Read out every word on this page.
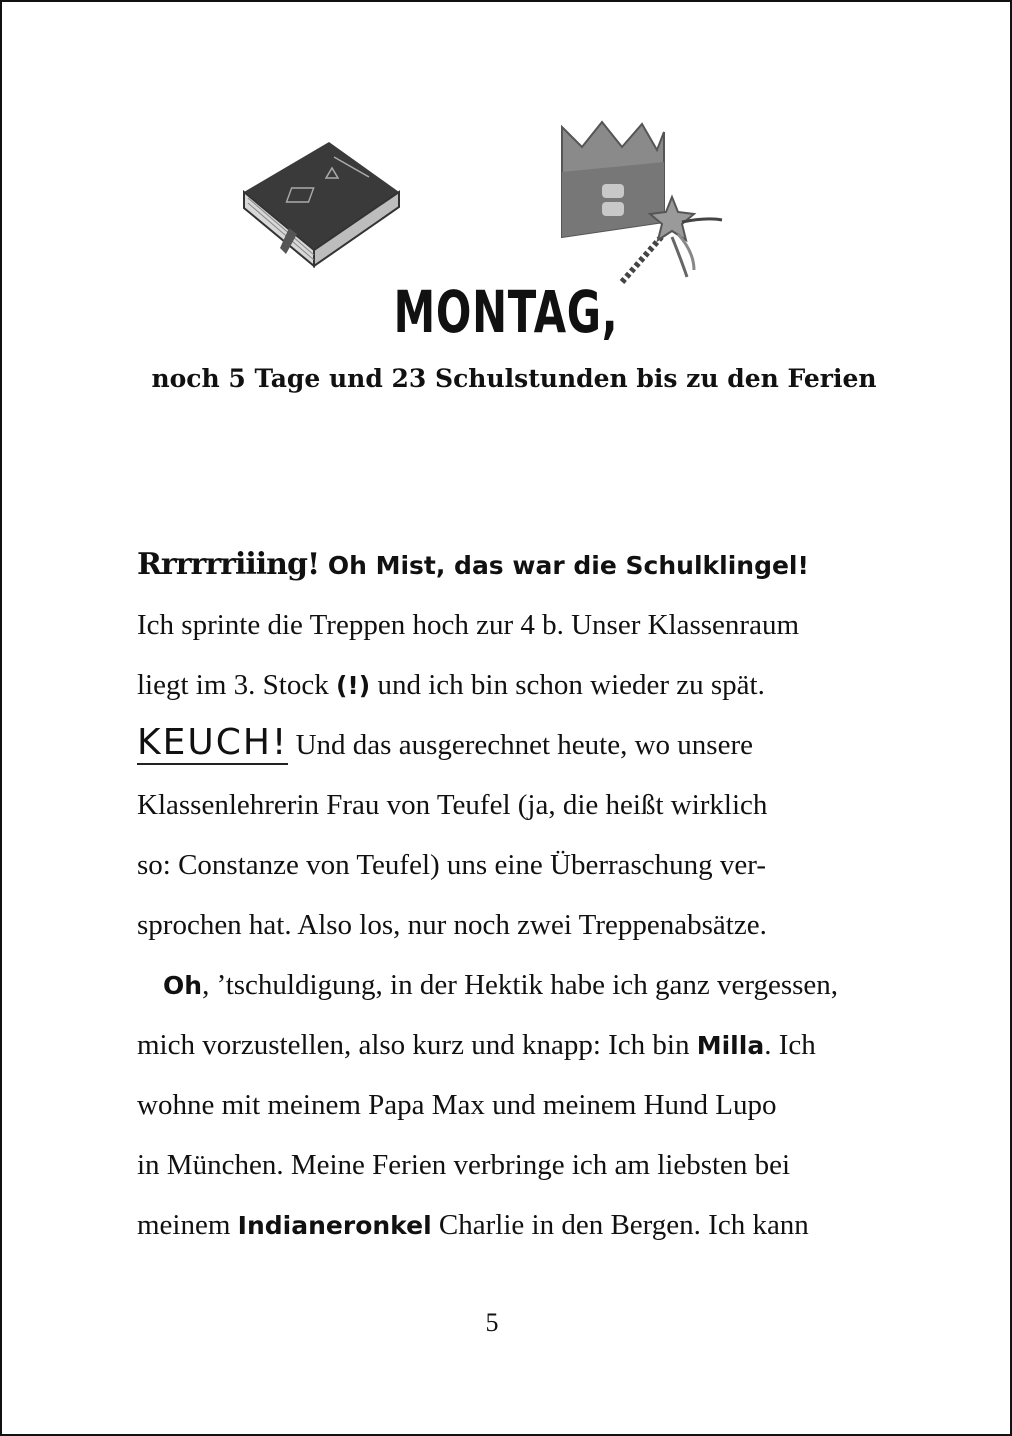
MONTAG,
noch 5 Tage und 23 Schulstunden bis zu den Ferien
Rrrrrriiing! Oh Mist, das war die Schulklingel!
Ich sprinte die Treppen hoch zur 4 b. Unser Klassenraum
liegt im 3. Stock (!) und ich bin schon wieder zu spät.
KEUCH! Und das ausgerechnet heute, wo unsere
Klassenlehrerin Frau von Teufel (ja, die heißt wirklich
so: Constanze von Teufel) uns eine Überraschung ver-
sprochen hat. Also los, nur noch zwei Treppenabsätze.
Oh, ’tschuldigung, in der Hektik habe ich ganz vergessen,
mich vorzustellen, also kurz und knapp: Ich bin Milla. Ich
wohne mit meinem Papa Max und meinem Hund Lupo
in München. Meine Ferien verbringe ich am liebsten bei
meinem Indianeronkel Charlie in den Bergen. Ich kann
5
